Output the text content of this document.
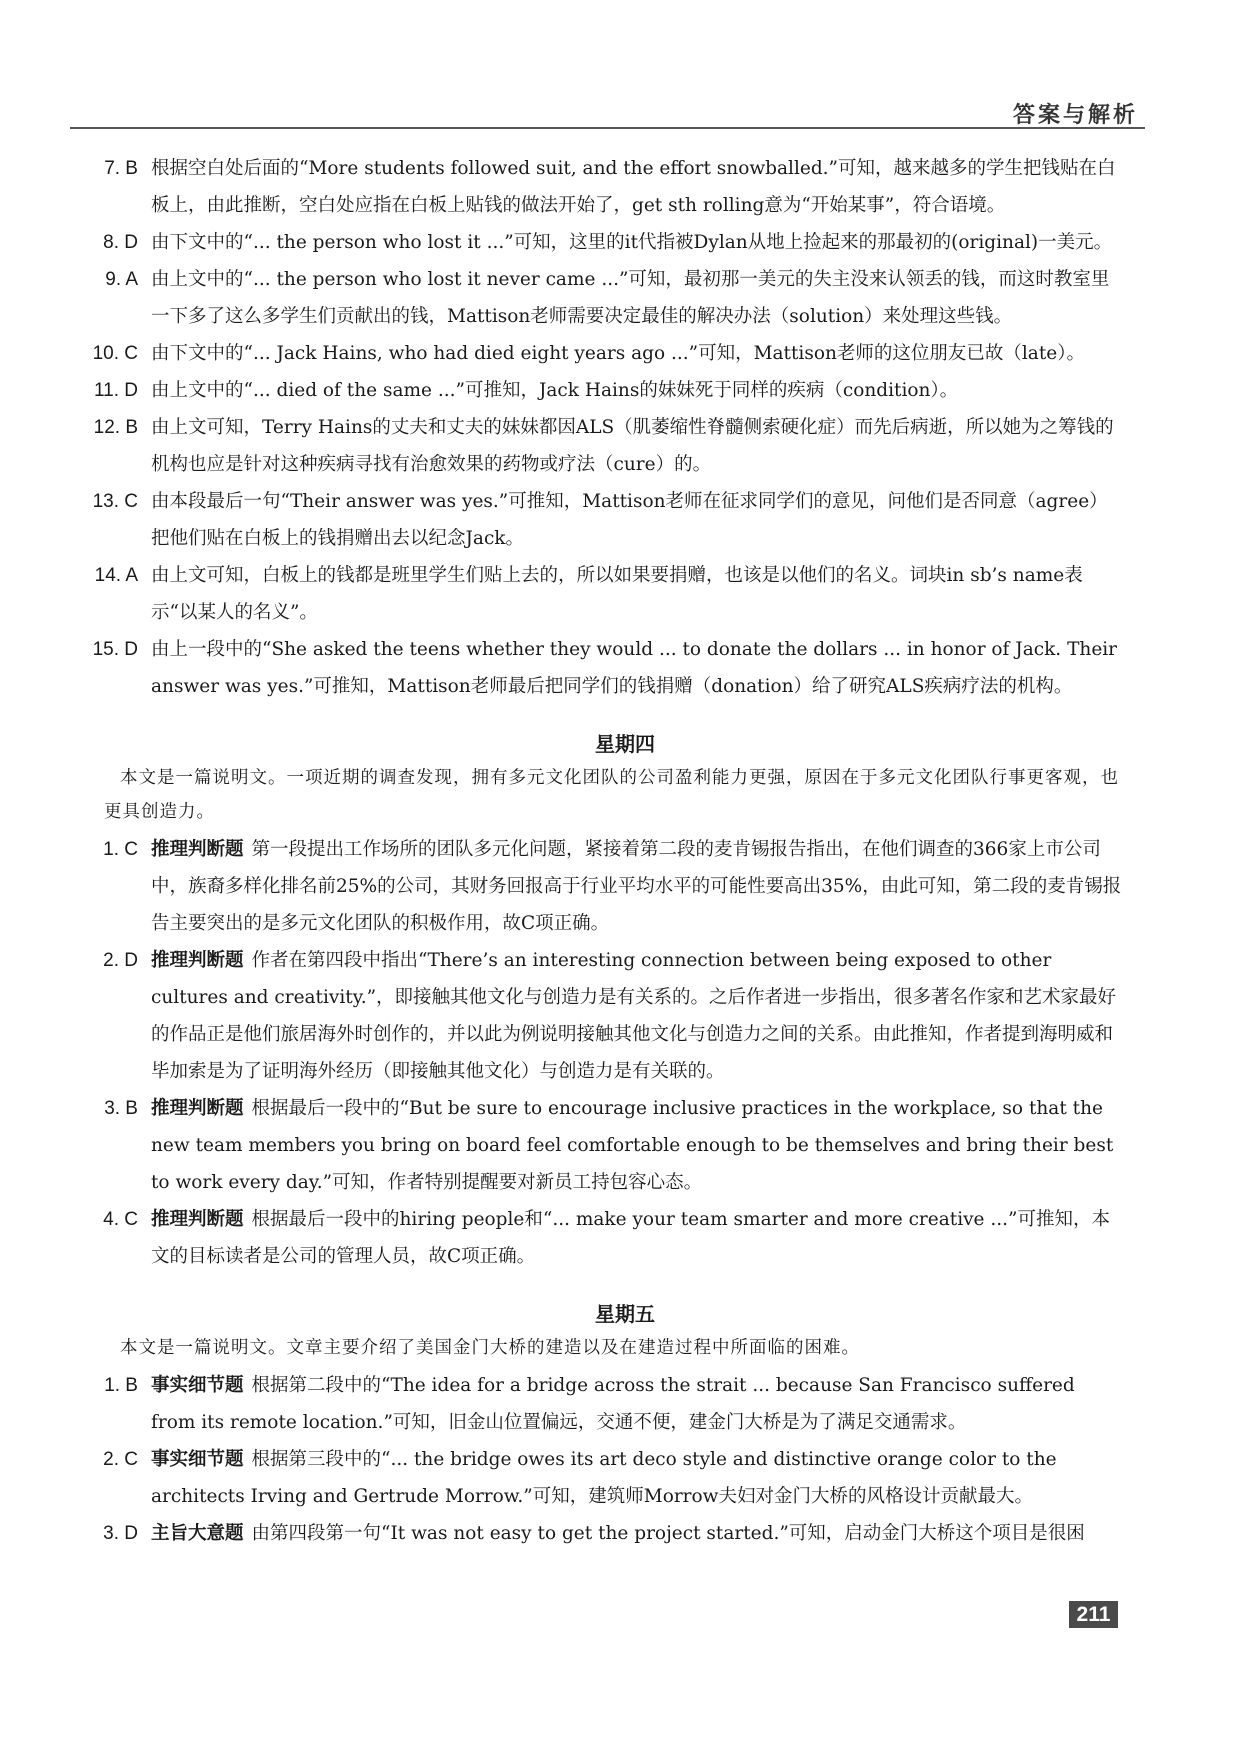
答案与解析
7. B 根据空白处后面的“More students followed suit, and the effort snowballed.”可知，越来越多的学生把钱贴在白板上，由此推断，空白处应指在白板上贴钱的做法开始了，get sth rolling意为“开始某事”，符合语境。
8. D 由下文中的“... the person who lost it ...”可知，这里的it代指被Dylan从地上捡起来的那最初的(original)一美元。
9. A 由上文中的“... the person who lost it never came ...”可知，最初那一美元的失主没来认领丢的钱，而这时教室里一下多了这么多学生们贡献出的钱，Mattison老师需要决定最佳的解决办法（solution）来处理这些钱。
10. C 由下文中的“... Jack Hains, who had died eight years ago ...”可知，Mattison老师的这位朋友已故（late）。
11. D 由上文中的“... died of the same ...”可推知，Jack Hains的妹妹死于同样的疾病（condition）。
12. B 由上文可知，Terry Hains的丈夫和丈夫的妹妹都因ALS（肌萎缩性脊髓侧索硬化症）而先后病逝，所以她为之筹钱的机构也应是针对这种疾病寻找有治愈效果的药物或疗法（cure）的。
13. C 由本段最后一句“Their answer was yes.”可推知，Mattison老师在征求同学们的意见，问他们是否同意（agree）把他们贴在白板上的钱捐赠出去以纪念Jack。
14. A 由上文可知，白板上的钱都是班里学生们贴上去的，所以如果要捐赠，也该是以他们的名义。词块in sb’s name表示“以某人的名义”。
15. D 由上一段中的“She asked the teens whether they would ... to donate the dollars ... in honor of Jack. Their answer was yes.”可推知，Mattison老师最后把同学们的钱捐赠（donation）给了研究ALS疾病疗法的机构。
星期四
本文是一篇说明文。一项近期的调查发现，拥有多元文化团队的公司盈利能力更强，原因在于多元文化团队行事更客观，也更具创造力。
1. C 推理判断题 第一段提出工作场所的团队多元化问题，紧接着第二段的麦肯锡报告指出，在他们调查的366家上市公司中，族裔多样化排名前25%的公司，其财务回报高于行业平均水平的可能性要高出35%，由此可知，第二段的麦肯锡报告主要突出的是多元文化团队的积极作用，故C项正确。
2. D 推理判断题 作者在第四段中指出“There’s an interesting connection between being exposed to other cultures and creativity.”，即接触其他文化与创造力是有关系的。之后作者进一步指出，很多著名作家和艺术家最好的作品正是他们旅居海外时创作的，并以此为例说明接触其他文化与创造力之间的关系。由此推知，作者提到海明威和毕加索是为了证明海外经历（即接触其他文化）与创造力是有关联的。
3. B 推理判断题 根据最后一段中的“But be sure to encourage inclusive practices in the workplace, so that the new team members you bring on board feel comfortable enough to be themselves and bring their best to work every day.”可知，作者特别提醒要对新员工持包容心态。
4. C 推理判断题 根据最后一段中的hiring people和“... make your team smarter and more creative ...”可推知，本文的目标读者是公司的管理人员，故C项正确。
星期五
本文是一篇说明文。文章主要介绍了美国金门大桥的建造以及在建造过程中所面临的困难。
1. B 事实细节题 根据第二段中的“The idea for a bridge across the strait ... because San Francisco suffered from its remote location.”可知，旧金山位置偏远，交通不便，建金门大桥是为了满足交通需求。
2. C 事实细节题 根据第三段中的“... the bridge owes its art deco style and distinctive orange color to the architects Irving and Gertrude Morrow.”可知，建筑师Morrow夫妇对金门大桥的风格设计贡献最大。
3. D 主旨大意题 由第四段第一句“It was not easy to get the project started.”可知，启动金门大桥这个项目是很困
211
